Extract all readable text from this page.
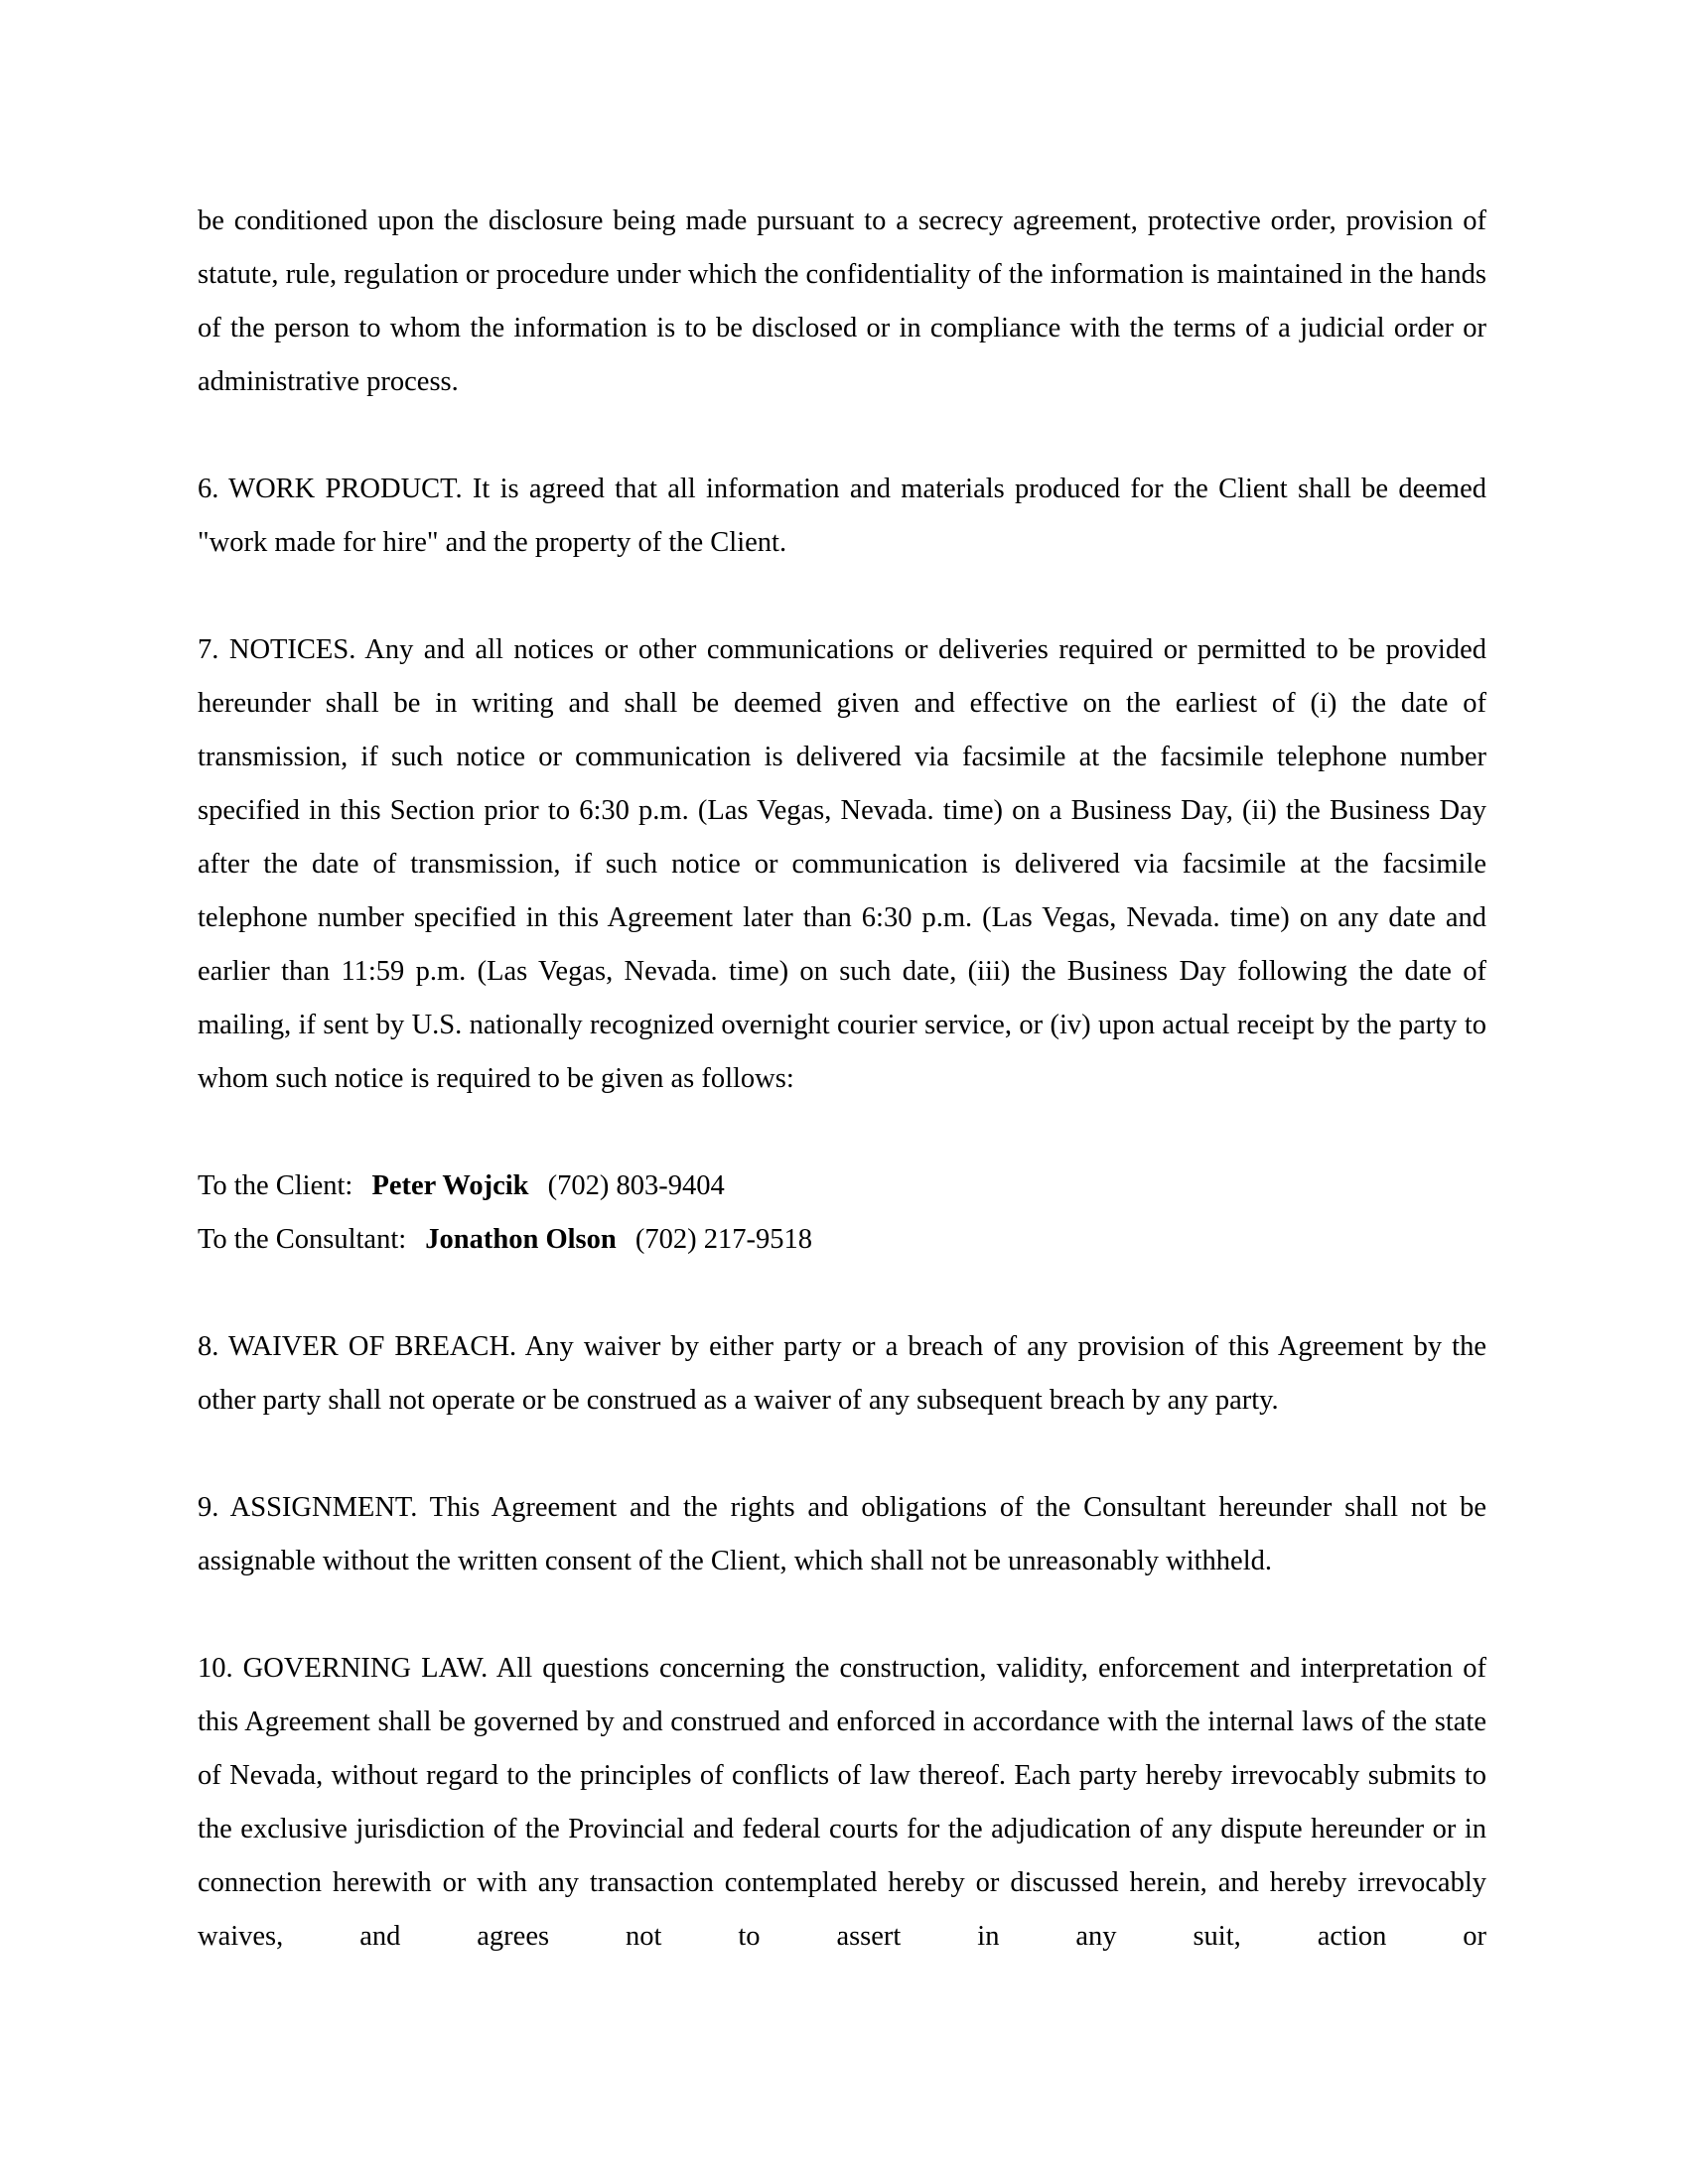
be conditioned upon the disclosure being made pursuant to a secrecy agreement, protective order, provision of statute, rule, regulation or procedure under which the confidentiality of the information is maintained in the hands of the person to whom the information is to be disclosed or in compliance with the terms of a judicial order or administrative process.

6. WORK PRODUCT. It is agreed that all information and materials produced for the Client shall be deemed "work made for hire" and the property of the Client.

7. NOTICES. Any and all notices or other communications or deliveries required or permitted to be provided hereunder shall be in writing and shall be deemed given and effective on the earliest of (i) the date of transmission, if such notice or communication is delivered via facsimile at the facsimile telephone number specified in this Section prior to 6:30 p.m. (Las Vegas, Nevada. time) on a Business Day, (ii) the Business Day after the date of transmission, if such notice or communication is delivered via facsimile at the facsimile telephone number specified in this Agreement later than 6:30 p.m. (Las Vegas, Nevada. time) on any date and earlier than 11:59 p.m. (Las Vegas, Nevada. time) on such date, (iii) the Business Day following the date of mailing, if sent by U.S. nationally recognized overnight courier service, or (iv) upon actual receipt by the party to whom such notice is required to be given as follows:

To the Client: Peter Wojcik (702) 803-9404
To the Consultant: Jonathon Olson (702) 217-9518

8. WAIVER OF BREACH. Any waiver by either party or a breach of any provision of this Agreement by the other party shall not operate or be construed as a waiver of any subsequent breach by any party.

9. ASSIGNMENT. This Agreement and the rights and obligations of the Consultant hereunder shall not be assignable without the written consent of the Client, which shall not be unreasonably withheld.

10. GOVERNING LAW. All questions concerning the construction, validity, enforcement and interpretation of this Agreement shall be governed by and construed and enforced in accordance with the internal laws of the state of Nevada, without regard to the principles of conflicts of law thereof. Each party hereby irrevocably submits to the exclusive jurisdiction of the Provincial and federal courts for the adjudication of any dispute hereunder or in connection herewith or with any transaction contemplated hereby or discussed herein, and hereby irrevocably waives, and agrees not to assert in any suit, action or
